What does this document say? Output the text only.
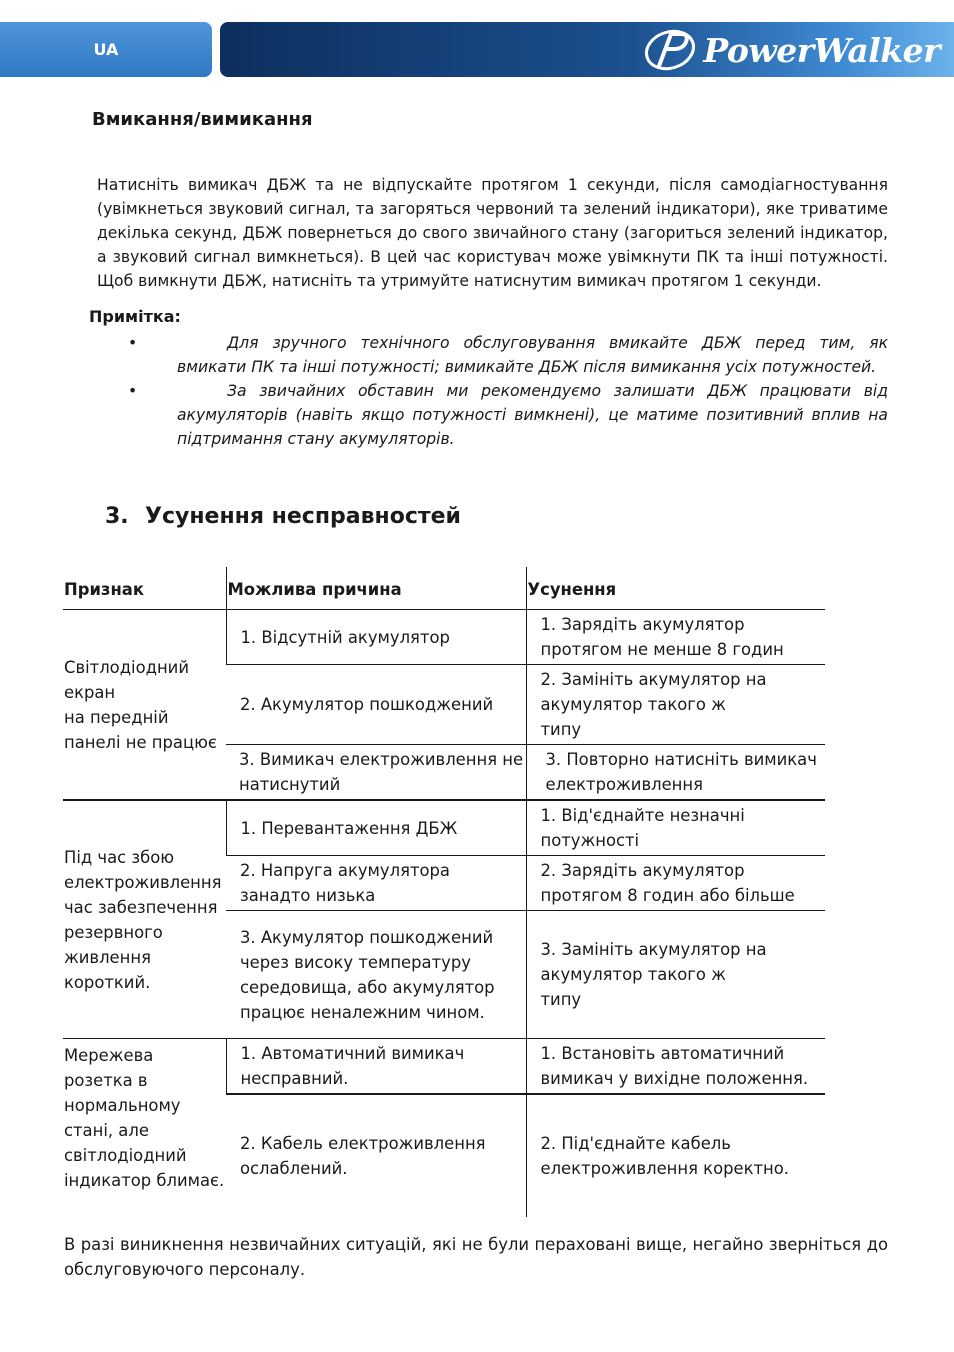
UA	PowerWalker
Вмикання/вимикання

Натисніть вимикач ДБЖ та не відпускайте протягом 1 секунди, після самодіагностування (увімкнеться звуковий сигнал, та загоряться червоний та зелений індикатори), яке триватиме декілька секунд, ДБЖ повернеться до свого звичайного стану (загориться зелений індикатор, а звуковий сигнал вимкнеться). В цей час користувач може увімкнути ПК та інші потужності. Щоб вимкнути ДБЖ, натисніть та утримуйте натиснутим вимикач протягом 1 секунди.

Примітка:

•	Для зручного технічного обслуговування вмикайте ДБЖ перед тим, як вмикати ПК та інші потужності; вимикайте ДБЖ після вимикання усіх потужностей.
•	За звичайних обставин ми рекомендуємо залишати ДБЖ працювати від акумуляторів (навіть якщо потужності вимкнені), це матиме позитивний вплив на підтримання стану акумуляторів.
3. Усунення несправностей
Признак	Можлива причина	Усунення
Світлодіодний екран
на передній панелі не працює	1. Відсутній акумулятор	1. Зарядіть акумулятор протягом не менше 8 годин
	2. Акумулятор пошкоджений	2. Замініть акумулятор на акумулятор такого ж
типу
	3. Вимикач електроживлення не натиснутий	3. Повторно натисніть вимикач електроживлення
Під час збою електроживлення час забезпечення резервного живлення короткий.	1. Перевантаження ДБЖ	1. Від'єднайте незначні потужності
	2. Напруга акумулятора занадто низька	2. Зарядіть акумулятор протягом 8 годин або більше
	3. Акумулятор пошкоджений через високу температуру середовища, або акумулятор працює неналежним чином.	3. Замініть акумулятор на
акумулятор такого ж
типу
Мережева розетка в нормальному стані, але світлодіодний індикатор блимає.	1. Автоматичний вимикач несправний.	1. Встановіть автоматичний вимикач у вихідне положення.
	2. Кабель електроживлення ослаблений.	2. Під'єднайте кабель електроживлення коректно.

В разі виникнення незвичайних ситуацій, які не були пераховані вище, негайно зверніться до обслуговуючого персоналу.
